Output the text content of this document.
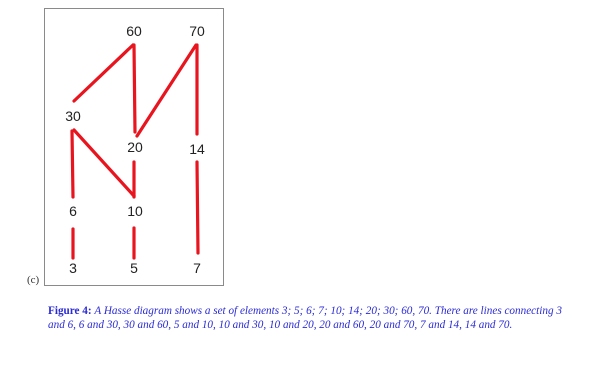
3	5	7
6	10
14
20
30
60	70
(c)
Figure 4: A Hasse diagram shows a set of elements 3; 5; 6; 7; 10; 14; 20; 30; 60, 70. There are lines connecting 3 and 6, 6 and 30, 30 and 60, 5 and 10, 10 and 30, 10 and 20, 20 and 60, 20 and 70, 7 and 14, 14 and 70.
